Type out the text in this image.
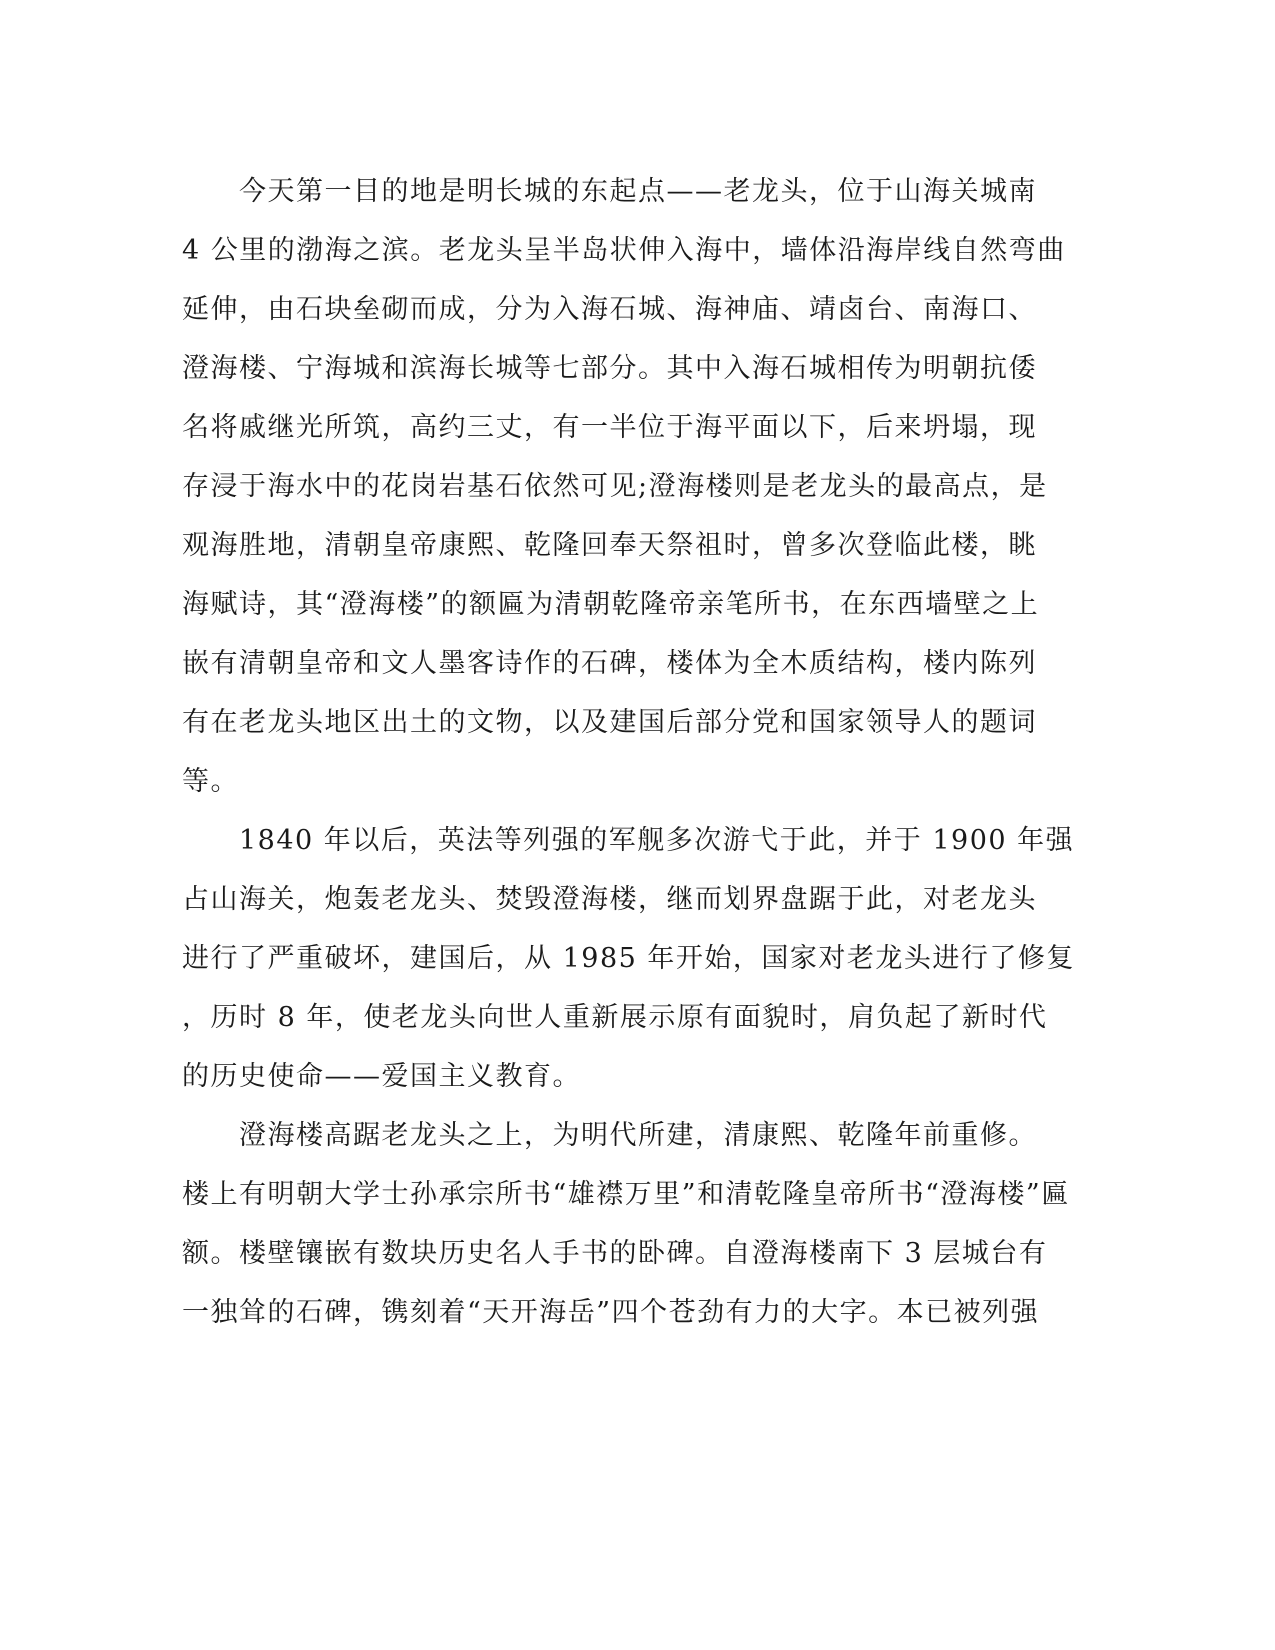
　　今天第一目的地是明长城的东起点——老龙头，位于山海关城南
4 公里的渤海之滨。老龙头呈半岛状伸入海中，墙体沿海岸线自然弯曲
延伸，由石块垒砌而成，分为入海石城、海神庙、靖卤台、南海口、
澄海楼、宁海城和滨海长城等七部分。其中入海石城相传为明朝抗倭
名将戚继光所筑，高约三丈，有一半位于海平面以下，后来坍塌，现
存浸于海水中的花岗岩基石依然可见;澄海楼则是老龙头的最高点，是
观海胜地，清朝皇帝康熙、乾隆回奉天祭祖时，曾多次登临此楼，眺
海赋诗，其“澄海楼”的额匾为清朝乾隆帝亲笔所书，在东西墙壁之上
嵌有清朝皇帝和文人墨客诗作的石碑，楼体为全木质结构，楼内陈列
有在老龙头地区出土的文物，以及建国后部分党和国家领导人的题词
等。
　　1840 年以后，英法等列强的军舰多次游弋于此，并于 1900 年强
占山海关，炮轰老龙头、焚毁澄海楼，继而划界盘踞于此，对老龙头
进行了严重破坏，建国后，从 1985 年开始，国家对老龙头进行了修复
，历时 8 年，使老龙头向世人重新展示原有面貌时，肩负起了新时代
的历史使命——爱国主义教育。
　　澄海楼高踞老龙头之上，为明代所建，清康熙、乾隆年前重修。
楼上有明朝大学士孙承宗所书“雄襟万里”和清乾隆皇帝所书“澄海楼”匾
额。楼壁镶嵌有数块历史名人手书的卧碑。自澄海楼南下 3 层城台有
一独耸的石碑，镌刻着“天开海岳”四个苍劲有力的大字。本已被列强
